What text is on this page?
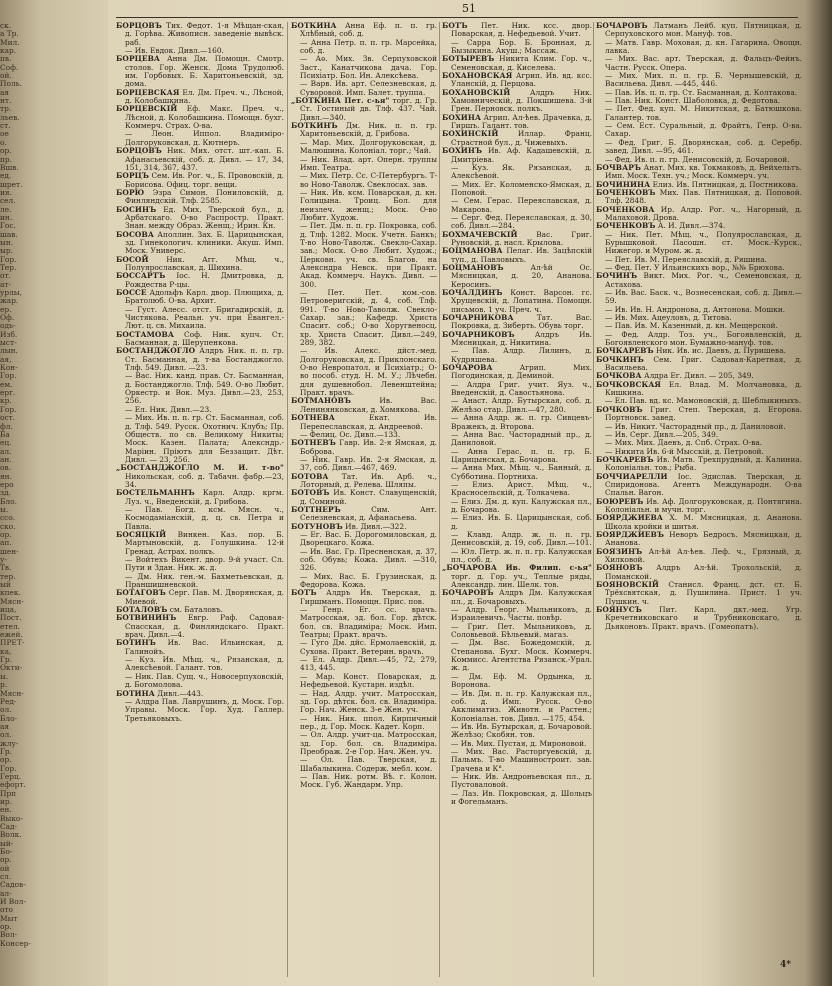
ск.

а Тр.

Мил.

кар.

пв.

Соф.

ой.

Поль.

ая

нт.

тр.

льев.

ст.

ое

о.

ор.

пр.

Вшв.

ед.

шрет.

ия.

сел.

ле.

ин.

Гос.

шав.

ын.

ыр.

Гор.

Тер.

от.

ат-

урлы,

жар.

ер.

Оф.

одь-

Изб.

ыст-

лын.

ая,

Кон-

Гор.

ем.

ерг.

кр.

Гор.

ост.

фл.

Ба

ец.

ал.

ан.

ов.

ян.

еро

зд.

Бло.

ы.

ссо.

ско.

ор.

ап.

шен-

у-

Тв.

тер.

ый

кпек.

Мясн-

ица,

Пост.

етел.

ежей.

ПРЕТ-

ка,

Гр.

Окти-

ы.

р.

Мясн-

Ред-

ол.

Бло-

ая

ол.

жлу-

Гр.

ор.

Гор.

Герц.

ефорт.

Прп

ир.

ен.

Выко-

Сад-

Волк.

ый-

Бо-

ор.

ой

сл.

Садов-

ал-

И Вол-

ото

Мыт

ор.

Вол-

Консер-

51

БОРЦОВЪ Тих. Федот. 1-я Мѣщан-ская, д. Горѣва. Живописн. заведеніе вывѣск. раб.

— Ив. Евдок. Дивл.—160.

БОРЦЕВА Анна Дм. Помощн. Смотр. столов. Гор. Женск. Дома Трудолюб. им. Горбовых. Б. Харитоньевскій, зд. дома.

БОРЦЕВСКАЯ Ел. Дм. Преч. ч., Лѣсной, д. Колобашкина.

БОРЦЕВСКІЙ Еф. Макс. Преч. ч., Лѣсной, д. Колобашкина. Помощн. бухг. Коммерч. Страх. О-ва.

— Леон. Иппол. Владиміро-Долгоруковская, д. Кютнеръ.

БОРЦОВЪ Ник. Мих. отст. шт.-кап. Б. Афанасьевскій, соб. д. Дивл. — 17, 34, 151, 314, 367, 437.

БОРЦЪ Сем. Ив. Рог. ч., Б. Прововскій, д. Борисова. Офиц. торг. вещи.

БОРЮ Эзра Симон. Пониловскій, д. Финляндскій. Тлф. 2585.

БОСИНЪ Ед. Мих. Тверской бул., д. Арбатскаго. О-во Распростр. Практ. Знан. между Образ. Женщ.; Ирин. Кн.

БОСОВА Аполлин. Зах. Б. Царицынская, зд. Гинекологич. клиники. Акуш. Имп. Моск. Универс.

БОСОЙ Ник. Агг. Мѣщ. ч., Полуярославская, д. Шихина.

БОССАРТЪ Іос. Н. Дмитровка, д. Рождества Р-цы.

БОССЕ Адольфъ Карл. двор. Плющиха, д. Братолюб. О-ва. Архит.

— Густ. Алесс. отст. Бригадирскій, д. Чистякова. Реальн. уч. при Евангел.-Лют. ц. св. Михаила.

БОСТАМОВА Соф. Ник. купч. Ст. Басманная, д. Шерупенкова.

БОСТАНДЖОГЛО Алдръ Ник. п. п. гр. Ст. Басманная, д. т-ва Бостанджогло. Тлф. 549. Дивл. —23.

— Вас. Ник. канд. прав. Ст. Басманная, д. Бостанджогло. Тлф. 549. О-во Любит. Оркестр. и Вок. Муз. Дивл.—23, 253, 256.

— Ел. Ник. Дивл.—23.

— Мих. Ив. п. п. гр. Ст. Басманная, соб. д. Тлф. 549. Русск. Охотнич. Клубъ; Пр. Обществ. по св. Великому Никиты; Моск. Казен. Палата; Алексндр.-Маріин. Пріютъ для Беззащит. Дѣт. Дивл. — 23, 256.

„БОСТАНДЖОГЛО М. И. т-во" Никольская, соб. д. Табачн. фабр.—23, 34.

БОСТЕЛЬМАННЪ Карл. Алдр. кргм. Луз. ч., Введенскій, д. Грибова.

— Пав. Богд. ксм. Мясн. ч., Космодаміанскій, д. ц. св. Петра и Павла.

БОСЯЦКІЙ Винкен. Каз. пор. Б. Мартыновскій, д. Голушкина. 12-й Гренад. Астрах. полкъ.

— Войтехъ Викент. двор. 9-й участ. Сл. Пути и Здан. Ник. ж. д.

— Дм. Ник. ген.-м. Бахметьевская, д. Праншишневской.

БОТАГОВЪ Серг. Пав. М. Дворянская, д. Миевой.

БОТАЛОВЪ см. Баталовъ.

БОТВИНИНЪ Евгр. Раф. Садовая-Спасская, д. Финляндскаго. Практ. врач. Дивл.—4.

БОТИНЪ Ив. Вас. Ильинская, д. Галинойъ.

— Куз. Ив. Мѣщ. ч., Рязанская, д. Алексѣевой. Галант. тов.

— Ник. Пав. Сущ. ч., Новосерпуховскій, д. Богомолова.

БОТИНА Дивл.—443.

— Алдра Пав. Лаврушинъ, д. Моск. Гор. Управы. Моск. Гор. Худ. Галлер. Третьяковыхъ.

БОТКИНА Анна Еф. п. п. гр. Хлѣбный, соб. д.

— Анна Петр. п. п. гр. Марсейка, соб. д.

— Аѳ. Мих. Зв. Серпуховской Заст., Канатчикова дача. Гор. Психіатр. Бол. Ин. Алексѣева.

— Варв. Ив. арт. Селезневская, д. Суворовой. Имп. Балет. труппа.

„БОТКИНА Пет. с-ья" торг. д. Гр. Ст. Гостиный дв. Тлф. 437. Чай. Дивл.—340.

БОТКИНЪ Дм. Ник. п. п. гр. Харитоньевскій, д. Грибова.

— Мар. Мих. Долгоруковская, д. Малюшина. Колоніал. торг.; Чай.

— Ник. Влад. арт. Оперн. труппы Имп. Театра.

— Мих. Петр. Сс. С-Петербургъ. Т-во Ново-Таволж. Свеклосах. зав.

— Ник. Ив. ксм. Поварская, д. кн. Голицына. Троиц. Бол. для неизлеч. женщ.; Моск. О-во Любит. Худож.

— Пет. Дм. п. п. гр. Покровка, соб. д. Тлф. 1282. Моск. Учетн. Банкъ; Т-во Ново-Таволж. Свекло-Сахар. зав.; Моск. О-во Любит. Худож.; Церковн. уч. св. Благов. на Алексндра Невск. при Практ. Акад. Коммерч. Наукъ. Дивл. —300.

— Пет. Пет. ком.-сов. Петроверигскій, д. 4, соб. Тлф. 991. Т-во Ново-Таволж. Свекло-Сахар. зав.; Кафедр. Христа Спасит. соб.; О-во Хоругвеносц. хр. Христа Спасит. Дивл.—249, 289, 382.

— Ив. Алекс. дйст.-мед. Долгоруковская, д. Приклонскаго. О-во Невропатол. и Психіатр.; О-во пособ. студ. Н. М. У.; Лѣчебн. для душевнобол. Левенштейна; Практ. врачъ.

БОТМАНОВЪ Ив. Вас. Ленинянковская, д. Хомякова.

БОТНЕВА Екат. Ив. Перепеславская, д. Андреевой.

— Фелиц. Ос. Дивл.—133.

БОТНЕВЪ Гавр. Ив. 2-я Ямская, д. Боброва.

— Ник. Гавр. Ив. 2-я Ямская, д. 37, соб. Дивл.—467, 469.

БОТОВА Тат. Ив. Арб. ч., Лоторный, д. Релева. Шляпы.

БОТОВЪ Ив. Конст. Славущенскій, д. Соминой.

БОТТНЕРЪ Сим. Ант. Селезневская, д. Афанасьева.

БОТУНОВЪ Ив. Дивл.—322.

— Ег. Вас. Б. Дорогомиловская, д. Дворецкаго. Кожа.

— Ив. Вас. Гр. Пресненская, д. 37, соб. Обувь; Кожа. Дивл. —310, 326.

— Мих. Вас. Б. Грузинская, д. Федорова. Кожа.

БОТЪ Алдръ Ив. Тверская, д. Гиршманъ. Помощн. Прис. пов.

— Генр. Ег. сс. врачъ. Матросская, зд. бол. Гор. дѣтск. бол. св. Владиміра; Моск. Имп. Театры; Практ. врачъ.

— Гуго Дм. дйс. Ермолаевскій, д. Сухова. Практ. Ветерин. врачъ.

— Ел. Алдр. Дивл.—45, 72, 279, 413, 445.

— Мар. Конст. Поварская, д. Нефедьевой. Кустарн. издѣл.

— Над. Алдр. учит. Матросская, зд. Гор. дѣтск. бол. св. Владиміра. Гор. Нач. Женск. 3-е Жен. уч.

— Ник. Ник. ппол. Кирпичный пер., д. Гор. Моск. Кадет. Корп.

— Ол. Алдр. учит-ца. Матросская, зд. Гор. бол. св. Владиміра. Преображ. 2-е Гор. Нач. Жен. уч.

— Ол. Пав. Тверская, д. Шабалыкина. Содерж. мебл. ком.

— Пав. Ник. ротм. Вѣ. г. Колон. Моск. Губ. Жандарм. Упр.

БОТЪ Пет. Ник. ксс. двор. Поварская, д. Нефедьевой. Учит.

— Сарра Бор. Б. Бронная, д. Бызыкина. Акуш.; Массаж.

БОТЫРЕВЪ Никита Клим. Гор. ч., Семеновская, д. Киселева.

БОХАНОВСКАЯ Агрип. Ив. вд. ксс. Уланскій, д. Перцова.

БОХАНОВСКІЙ Алдръ Ник. Хамовническій, д. Покшишева. 3-й Грен. Перновск. полкъ.

БОХИНА Агрип. Ал-ѣев. Драчевка, д. Гиршъ. Галант. тов.

БОХИНСКІЙ Иллар. Франц. Страстной бул., д. Чижевыхъ.

БОХИНЪ Ив. Аф. Кадашевскій, д. Дмитріева.

— Куз. Як. Рязанская, д. Алексѣевой.

— Мих. Ег. Коломенско-Ямская, д. Поповой.

— Сем. Герас. Переяславская, д. Макарова.

— Серг. Фед. Переяславская, д. 30, соб. Дивл.—284.

БОХМАЧЕВСКІЙ Вас. Григ. Руновскій, д. насл. Крылова.

БОЦМАНОВА Пелаг. Ив. Зацѣпскій туп., д. Павловыхъ.

БОЦМАНОВЪ Ал-ѣй Ос. Мясницкая, д. 20, Ананова. Керосинъ.

БОЧАЛДИНЪ Конст. Варсон. гс. Хрущевскій, д. Лопатина. Помощн. письмов. 1 уч. Преч. ч.

БОЧАРНИКОВА Тат. Вас. Покровка, д. Зиберть. Обувь торг.

БОЧАРНИКОВЪ Алдръ Ив. Мясницкая, д. Никитина.

— Пав. Алдр. Лилинъ, д. Кудряшева.

БОЧАРОВА Агрип. Мих. Погодинская, д. Деминой.

— Алдра Григ. учит. Яуз. ч., Введенскій, д. Савостьянова.

— Анаст. Алдр. Бутырская, соб. д. Желѣзо стар. Дивл.—47, 280.

— Анна Алдр. ж. п. гр. Сивцевъ-Вражекъ, д. Второва.

— Анна Вас. Часторадный пр., д. Даниловой.

— Анна Герас. п. п. гр. Б. Царицынская, д. Бочарова.

— Анна Мих. Мѣщ. ч., Банный, д. Субботина. Портниха.

— Елиз. Арист. Мѣщ. ч., Красносельскій, д. Толкачева.

— Елиз. Дм. д. куп. Калужская пл., д. Бочарова.

— Елиз. Ив. Б. Царицынская, соб. д.

— Клавд. Алдр. ж. п. п. гр. Денисовскій, д. 19, соб. Дивл.—101.

— Юл. Петр. ж. п. п. гр. Калужская пл., соб. д.

„БОЧАРОВА Ив. Филип. с-ья" торг. д. Гор. уч., Теплые ряды, Александр. лин. Шелк. тов.

БОЧАРОВЪ Алдръ Дм. Калужская пл., д. Бочаровыхъ.

— Алдр. Георг. Мыльниковъ, д. Израилевичъ. Часты. повѣр.

— Григ. Пет. Мыльниковъ, д. Соловьевой. Бѣльевый. магаз.

— Дм. Вас. Божедомскій, д. Степанова. Бухг. Моск. Коммерч. Коммисс. Агентства Рязанск.-Урал. ж. д.

— Дм. Еф. М. Ордынка, д. Воронова.

— Ив. Дм. п. п. гр. Калужская пл., соб. д. Имп. Русск. О-во Акклиматиз. Животн. и Растен.; Колоніальн. тов. Дивл. —175, 454.

— Ив. Ив. Бутырская, д. Бочаровой. Желѣзо; Скобян. тов.

— Ив. Мих. Пустая, д. Мироновой.

— Мих. Вас. Расторгуевскій, д. Пальмъ. Т-во Машиностроит. зав. Грачева и К°.

— Ник. Ив. Андроньевская пл., д. Пустоваловой.

— Лаз. Ив. Покровская, д. Шольцъ и Фогельманъ.

БОЧАРОВЪ Латманъ Лейб. куп. Пятницкая, д. Серпуховского мон. Мануф. тов.

— Матв. Гавр. Моховая, д. кн. Гагарина. Овощн. лавка.

— Мих. Вас. арт. Тверская, д. Фальцъ-Фейнъ. Частн. Русск. Опера.

— Мих. Мих. п. п. гр. Б. Чернышевскій, д. Васильева. Дивл. —445, 446.

— Пав. Ив. п. п. гр. Ст. Басманная, д. Колтакова.

— Пав. Ник. Конст. Шаболовка, д. Федотова.

— Пет. Фед. куп. М. Никитская, д. Батюшкова. Галантер. тов.

— Сем. Ест. Суральный, д. Фрайтъ, Генр. О-ва. Сахар.

— Фед. Григ. Б. Дворянская, соб. д. Серебр. завед. Дивл. —95, 461.

— Фед. Ив. п. п. гр. Денисовскій, д. Бочаровой.

БОЧВАРЪ Анат. Мих. кв. Токмаковъ, д. Вейхельтъ. Имп. Моск. Техн. уч.; Моск. Коммерч. уч.

БОЧИНИНА Елиз. Ив. Пятницкая, д. Постникова.

БОЧЕНКОВЪ Мих. Пав. Пятницкая, д. Поповой. Тлф. 2848.

БОЧЕНКОВА Ир. Алдр. Рог. ч., Нагорный, д. Малаховой. Дрова.

БОЧЕНКОВЪ А. И. Дивл.—374.

— Ник. Пет. Мѣщ. ч., Полуярославская, д. Бурышковой. Пасошн. ст. Моск.-Курск., Нижегор. и Муром. ж. д.

— Пет. Ив. М. Переяславскій, д. Ряшина.

— Фед. Пет. У Ильинскихъ вор., №№ Брюхова.

БОЧИНЪ Викт. Мих. Рог. ч., Семеновская, д. Астахова.

— Ив. Вас. Баск. ч., Вознесенская, соб. д. Дивл.—59.

— Ив. Ив. Н. Андронова, д. Антонова. Мошки.

— Ив. Мих. Ацеуловъ, д. Титова.

— Пав. Ив. М. Казенный, д. кн. Мещерской.

— Фед. Алдр. Тоз. уч., Богоявленскій, д. Богоявленского мон. Бумажно-мануф. тов.

БОЧКАРЕВЪ Ник. Ив. ис. Даевъ, д. Пуришева.

БОЧКИНЪ Сем. Григ. Садовая-Каретная, д. Васильева.

БОЧКОВА Алдра Ег. Дивл. — 205, 349.

БОЧКОВСКАЯ Ел. Влад. М. Молчановка, д. Кишкина.

— Ел. Пав. вд. кс. Мамоновскій, д. Шеблыкиныхъ.

БОЧКОВЪ Григ. Степ. Тверская, д. Егорова. Портновск. завед.

— Ив. Никит. Часторадный пр., д. Даниловой.

— Ив. Серг. Дивл.—205, 349.

— Мих. Мих. Даевъ, д. Спб. Страх. О-ва.

— Никита Ив. 6-й Мысскій, д. Петровой.

БОЧКАРЕВЪ Ив. Матв. Трехпрудный, д. Калиниа. Колоніальн. тов.; Рыба.

БОЧЧИАРЕЛЛИ Іос. Эдислав. Тверская, д. Спиридонова. Агентъ Международн. О-ва Спальн. Вагон.

БОЮРЕВЪ Ив. Аф. Долгоруковская, д. Понтягина. Колоніальн. и мучн. торг.

БОЯРДЖИЕВА Х. М. Мясницкая, д. Ананова. Школа кройки и шитья.

БОЯРДЖИЕВЪ Неворъ Бедросъ. Мясницкая, д. Ананова.

БОЯЗИНЪ Ал-ѣй Ал-ѣев. Леф. ч., Грязный, д. Хилковой.

БОЯНОВЪ Алдръ Ал-ѣй. Трохольскій, д. Поманской.

БОЯНОВСКІЙ Станисл. Франц. дст. ст. Б. Трёхсвятская, д. Пушилина. Прист. 1 уч. Пушкин. ч.

БОЯНУСЪ Пит. Карл. дкт.-мед. Угр. Кречетниковскаго и Трубниковскаго, д. Дьяконовъ. Практ. врачъ. (Гомеопатъ).

4*
